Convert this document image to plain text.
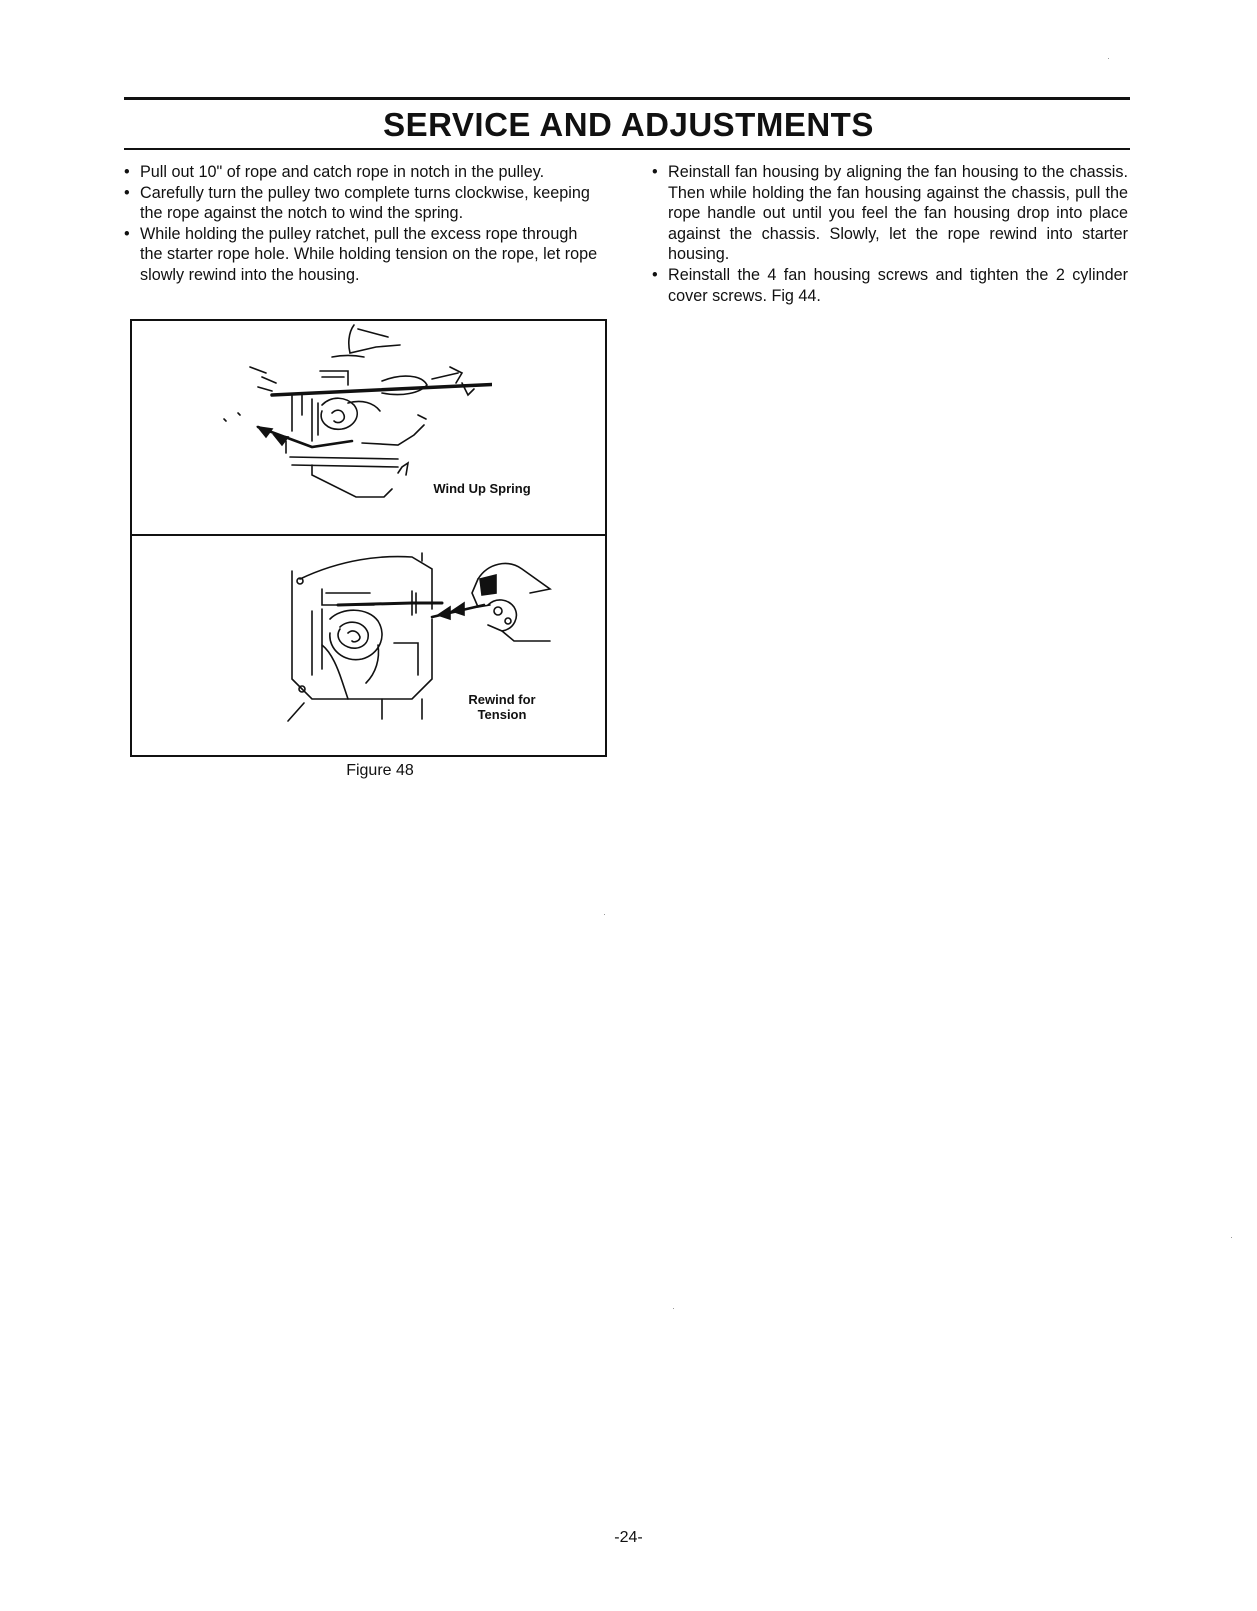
SERVICE AND ADJUSTMENTS
• Pull out 10" of rope and catch rope in notch in the pulley.
• Carefully turn the pulley two complete turns clockwise, keeping the rope against the notch to wind the spring.
• While holding the pulley ratchet, pull the excess rope through the starter rope hole. While holding tension on the rope, let rope slowly rewind into the housing.
• Reinstall fan housing by aligning the fan housing to the chassis. Then while holding the fan housing against the chassis, pull the rope handle out until you feel the fan housing drop into place against the chassis. Slowly, let the rope rewind into starter housing.
• Reinstall the 4 fan housing screws and tighten the 2 cylinder cover screws. Fig 44.
Wind Up Spring
Rewind for
Tension
Figure 48
-24-
